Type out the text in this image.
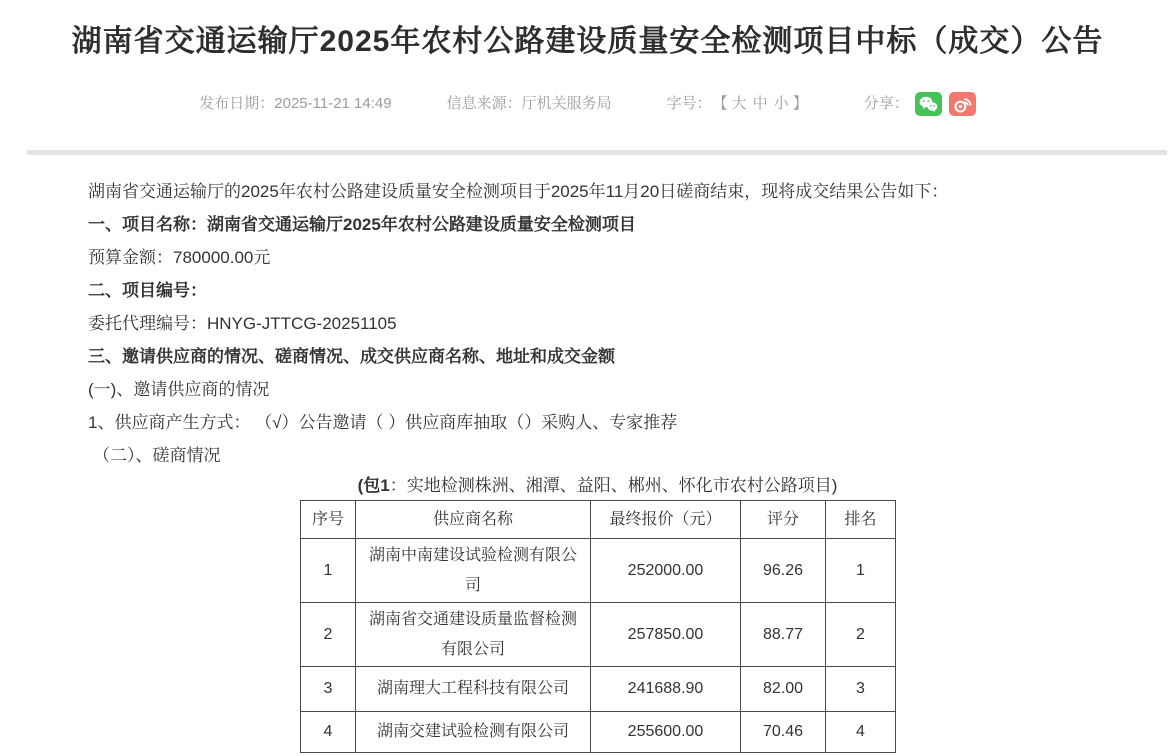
湖南省交通运输厅2025年农村公路建设质量安全检测项目中标（成交）公告
发布日期： 2025-11-21 14:49	信息来源： 厅机关服务局	字号： 【 大 中 小 】	分享：

湖南省交通运输厅的2025年农村公路建设质量安全检测项目于2025年11月20日磋商结束，现将成交结果公告如下：

一、项目名称：湖南省交通运输厅2025年农村公路建设质量安全检测项目

预算金额：780000.00元

二、项目编号：

委托代理编号：HNYG-JTTCG-20251105

三、邀请供应商的情况、磋商情况、成交供应商名称、地址和成交金额

(一)、邀请供应商的情况

1、供应商产生方式： （√）公告邀请（ ）供应商库抽取（）采购人、专家推荐

（二）、磋商情况

(包1：实地检测株洲、湘潭、益阳、郴州、怀化市农村公路项目)
序号	供应商名称	最终报价（元）	评分	排名
1	湖南中南建设试验检测有限公司	252000.00	96.26	1
2	湖南省交通建设质量监督检测有限公司	257850.00	88.77	2
3	湖南理大工程科技有限公司	241688.90	82.00	3
4	湖南交建试验检测有限公司	255600.00	70.46	4
